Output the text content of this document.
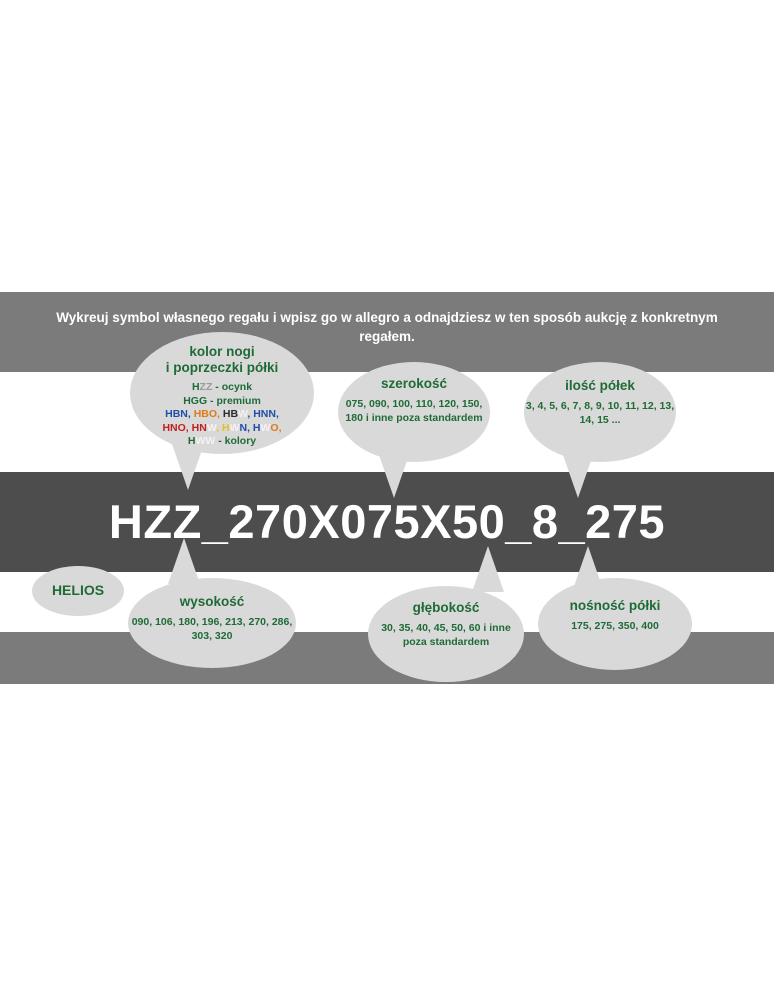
Wykreuj symbol własnego regału i wpisz go w allegro a odnajdziesz w ten sposób aukcję z konkretnym regałem.
HZZ_270X075X50_8_275
kolor nogi
i poprzeczki półki
HZZ - ocynk
HGG - premium
HBN, HBO, HBW, HNN,
HNO, HNW, HWN, HWO,
HWW - kolory
szerokość
075, 090, 100, 110, 120, 150, 180 i inne poza standardem
ilość półek
3, 4, 5, 6, 7, 8, 9, 10, 11, 12, 13, 14, 15 ...
HELIOS
wysokość
090, 106, 180, 196, 213, 270, 286, 303, 320
głębokość
30, 35, 40, 45, 50, 60 i inne poza standardem
nośność półki
175, 275, 350, 400
